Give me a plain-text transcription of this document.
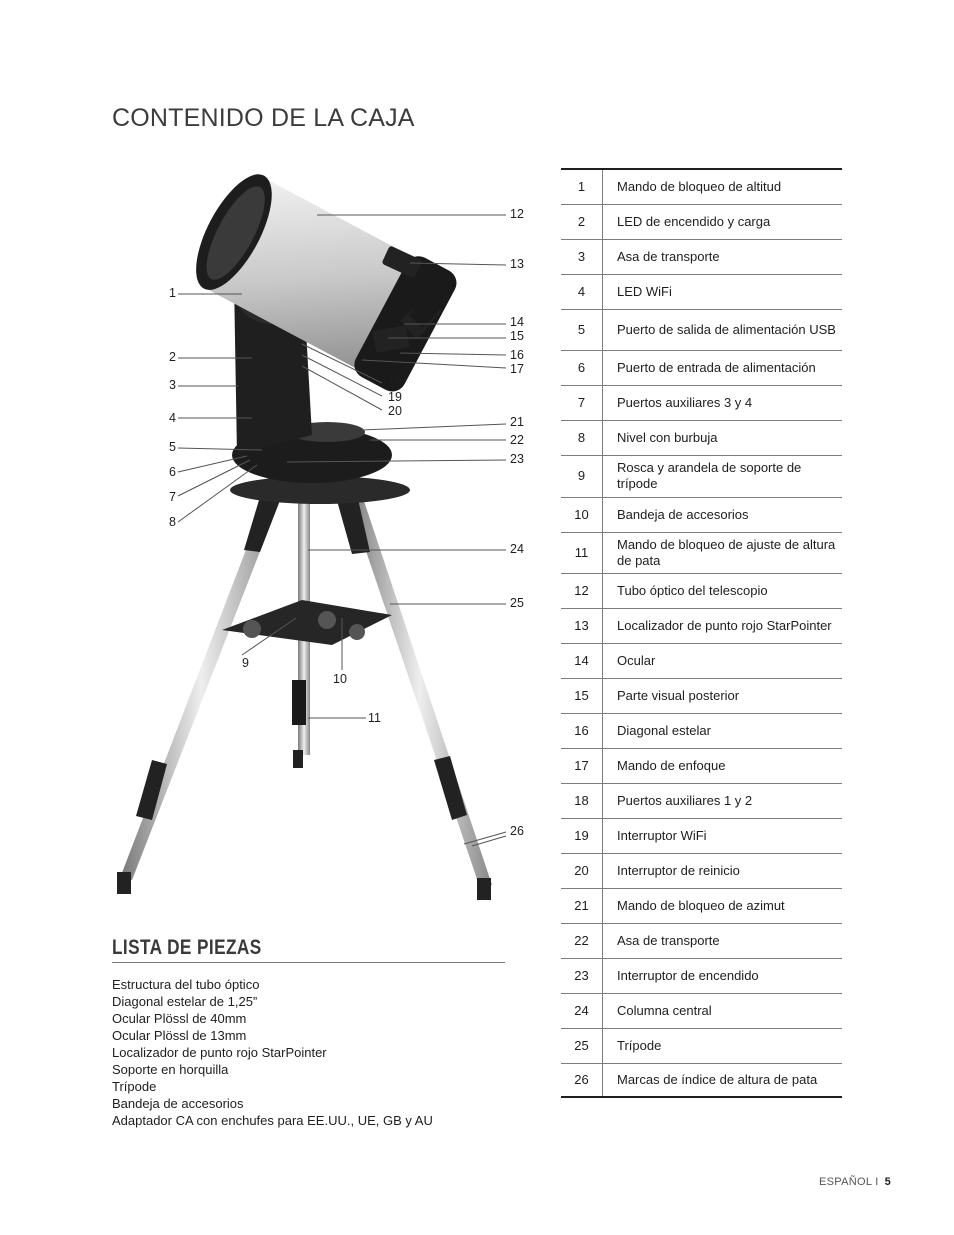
CONTENIDO DE LA CAJA
1
2
3
4
5
6
7
8
9
10
11
12
13
14
15
16
17
18
19
20
21
22
23
24
25
26
LISTA DE PIEZAS
Estructura del tubo óptico
Diagonal estelar de 1,25”
Ocular Plössl de 40mm
Ocular Plössl de 13mm
Localizador de punto rojo StarPointer
Soporte en horquilla
Trípode
Bandeja de accesorios
Adaptador CA con enchufes para EE.UU., UE, GB y AU
1	Mando de bloqueo de altitud
2	LED de encendido y carga
3	Asa de transporte
4	LED WiFi
5	Puerto de salida de alimentación USB
6	Puerto de entrada de alimentación
7	Puertos auxiliares 3 y 4
8	Nivel con burbuja
9	Rosca y arandela de soporte de trípode
10	Bandeja de accesorios
11	Mando de bloqueo de ajuste de altura de pata
12	Tubo óptico del telescopio
13	Localizador de punto rojo StarPointer
14	Ocular
15	Parte visual posterior
16	Diagonal estelar
17	Mando de enfoque
18	Puertos auxiliares 1 y 2
19	Interruptor WiFi
20	Interruptor de reinicio
21	Mando de bloqueo de azimut
22	Asa de transporte
23	Interruptor de encendido
24	Columna central
25	Trípode
26	Marcas de índice de altura de pata
ESPAÑOL I 5
